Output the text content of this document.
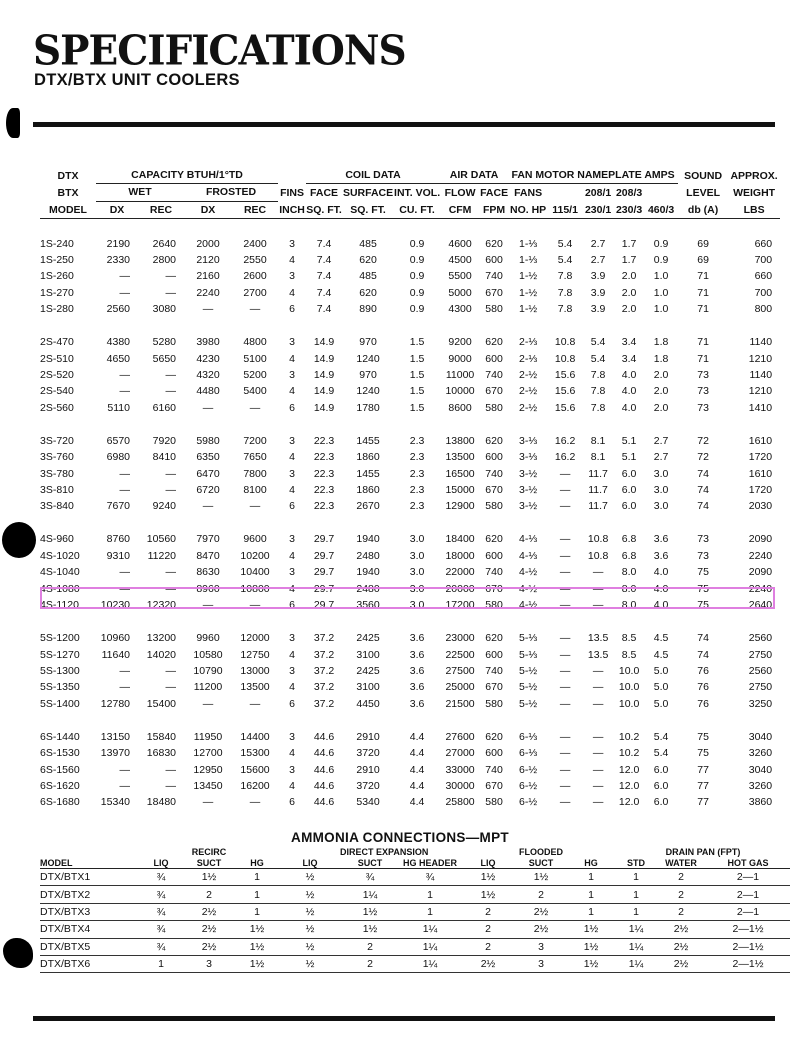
SPECIFICATIONS
DTX/BTX UNIT COOLERS
DTX	CAPACITY BTUH/1°TD					COIL DATA			AIR DATA		FAN MOTOR NAMEPLATE AMPS					SOUND	APPROX.
BTX	WET		FROSTED		FINS	FACE	SURFACE	INT. VOL.	FLOW	FACE	FANS		208/1	208/3		LEVEL	WEIGHT
MODEL	DX	REC	DX	REC	INCH	SQ. FT.	SQ. FT.	CU. FT.	CFM	FPM	NO. HP	115/1	230/1	230/3	460/3	db (A)	LBS

1S-240	2190	2640	2000	2400	3	7.4	485	0.9	4600	620	1-⅓	5.4	2.7	1.7	0.9	69	660
1S-250	2330	2800	2120	2550	4	7.4	620	0.9	4500	600	1-⅓	5.4	2.7	1.7	0.9	69	700
1S-260	—	—	2160	2600	3	7.4	485	0.9	5500	740	1-½	7.8	3.9	2.0	1.0	71	660
1S-270	—	—	2240	2700	4	7.4	620	0.9	5000	670	1-½	7.8	3.9	2.0	1.0	71	700
1S-280	2560	3080	—	—	6	7.4	890	0.9	4300	580	1-½	7.8	3.9	2.0	1.0	71	800

2S-470	4380	5280	3980	4800	3	14.9	970	1.5	9200	620	2-⅓	10.8	5.4	3.4	1.8	71	1140
2S-510	4650	5650	4230	5100	4	14.9	1240	1.5	9000	600	2-⅓	10.8	5.4	3.4	1.8	71	1210
2S-520	—	—	4320	5200	3	14.9	970	1.5	11000	740	2-½	15.6	7.8	4.0	2.0	73	1140
2S-540	—	—	4480	5400	4	14.9	1240	1.5	10000	670	2-½	15.6	7.8	4.0	2.0	73	1210
2S-560	5110	6160	—	—	6	14.9	1780	1.5	8600	580	2-½	15.6	7.8	4.0	2.0	73	1410

3S-720	6570	7920	5980	7200	3	22.3	1455	2.3	13800	620	3-⅓	16.2	8.1	5.1	2.7	72	1610
3S-760	6980	8410	6350	7650	4	22.3	1860	2.3	13500	600	3-⅓	16.2	8.1	5.1	2.7	72	1720
3S-780	—	—	6470	7800	3	22.3	1455	2.3	16500	740	3-½	—	11.7	6.0	3.0	74	1610
3S-810	—	—	6720	8100	4	22.3	1860	2.3	15000	670	3-½	—	11.7	6.0	3.0	74	1720
3S-840	7670	9240	—	—	6	22.3	2670	2.3	12900	580	3-½	—	11.7	6.0	3.0	74	2030

4S-960	8760	10560	7970	9600	3	29.7	1940	3.0	18400	620	4-⅓	—	10.8	6.8	3.6	73	2090
4S-1020	9310	11220	8470	10200	4	29.7	2480	3.0	18000	600	4-⅓	—	10.8	6.8	3.6	73	2240
4S-1040	—	—	8630	10400	3	29.7	1940	3.0	22000	740	4-½	—	—	8.0	4.0	75	2090
4S-1080	—	—	8960	10800	4	29.7	2480	3.0	20000	670	4-½	—	—	8.0	4.0	75	2240
4S-1120	10230	12320	—	—	6	29.7	3560	3.0	17200	580	4-½	—	—	8.0	4.0	75	2640

5S-1200	10960	13200	9960	12000	3	37.2	2425	3.6	23000	620	5-⅓	—	13.5	8.5	4.5	74	2560
5S-1270	11640	14020	10580	12750	4	37.2	3100	3.6	22500	600	5-⅓	—	13.5	8.5	4.5	74	2750
5S-1300	—	—	10790	13000	3	37.2	2425	3.6	27500	740	5-½	—	—	10.0	5.0	76	2560
5S-1350	—	—	11200	13500	4	37.2	3100	3.6	25000	670	5-½	—	—	10.0	5.0	76	2750
5S-1400	12780	15400	—	—	6	37.2	4450	3.6	21500	580	5-½	—	—	10.0	5.0	76	3250

6S-1440	13150	15840	11950	14400	3	44.6	2910	4.4	27600	620	6-⅓	—	—	10.2	5.4	75	3040
6S-1530	13970	16830	12700	15300	4	44.6	3720	4.4	27000	600	6-⅓	—	—	10.2	5.4	75	3260
6S-1560	—	—	12950	15600	3	44.6	2910	4.4	33000	740	6-½	—	—	12.0	6.0	77	3040
6S-1620	—	—	13450	16200	4	44.6	3720	4.4	30000	670	6-½	—	—	12.0	6.0	77	3260
6S-1680	15340	18480	—	—	6	44.6	5340	4.4	25800	580	6-½	—	—	12.0	6.0	77	3860
AMMONIA CONNECTIONS—MPT
		RECIRC			DIRECT EXPANSION			FLOODED		DRAIN PAN (FPT)		
MODEL	LIQ	SUCT	HG	LIQ	SUCT	HG HEADER	LIQ	SUCT	HG	STD	WATER	HOT GAS
DTX/BTX1	¾	1½	1	½	¾	¾	1½	1½	1	1	2	2—1
DTX/BTX2	¾	2	1	½	1¼	1	1½	2	1	1	2	2—1
DTX/BTX3	¾	2½	1	½	1½	1	2	2½	1	1	2	2—1
DTX/BTX4	¾	2½	1½	½	1½	1¼	2	2½	1½	1¼	2½	2—1½
DTX/BTX5	¾	2½	1½	½	2	1¼	2	3	1½	1¼	2½	2—1½
DTX/BTX6	1	3	1½	½	2	1¼	2½	3	1½	1¼	2½	2—1½
